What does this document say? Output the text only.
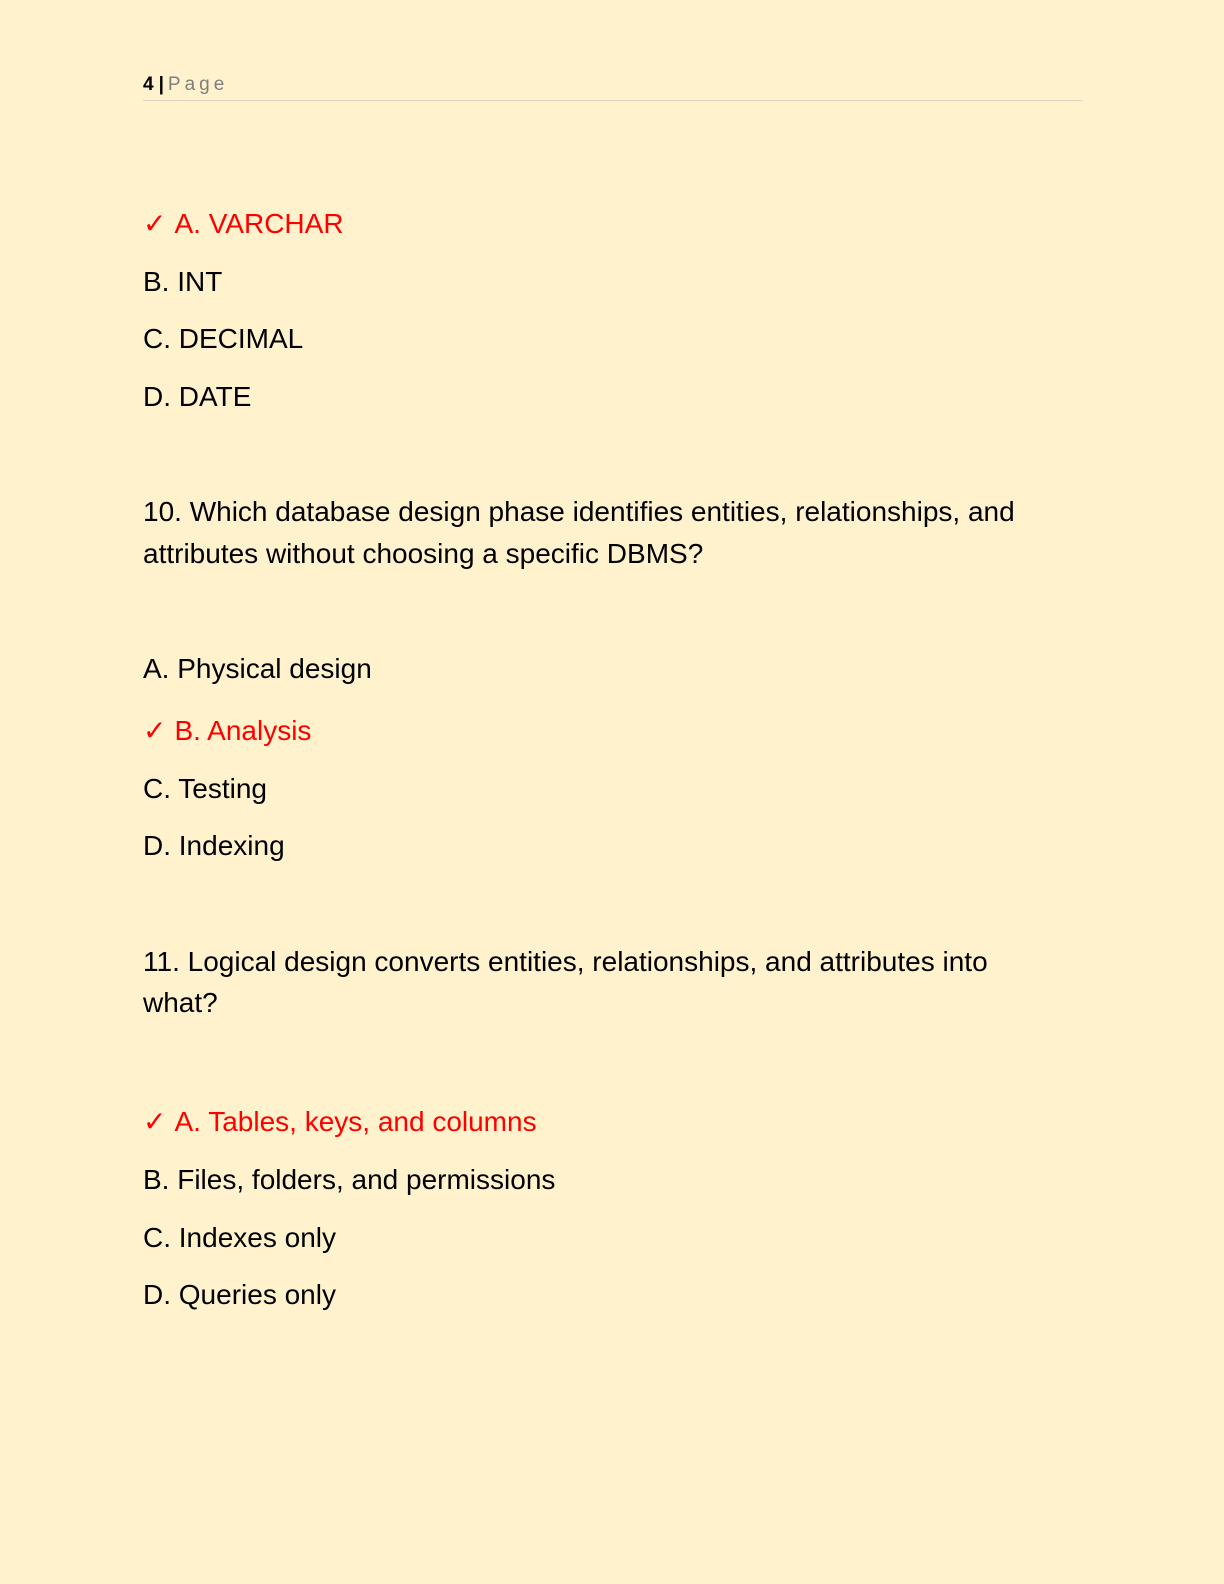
4 | Page
✓ A. VARCHAR
B. INT
C. DECIMAL
D. DATE
10. Which database design phase identifies entities, relationships, and
attributes without choosing a specific DBMS?
A. Physical design
✓ B. Analysis
C. Testing
D. Indexing
11. Logical design converts entities, relationships, and attributes into
what?
✓ A. Tables, keys, and columns
B. Files, folders, and permissions
C. Indexes only
D. Queries only
